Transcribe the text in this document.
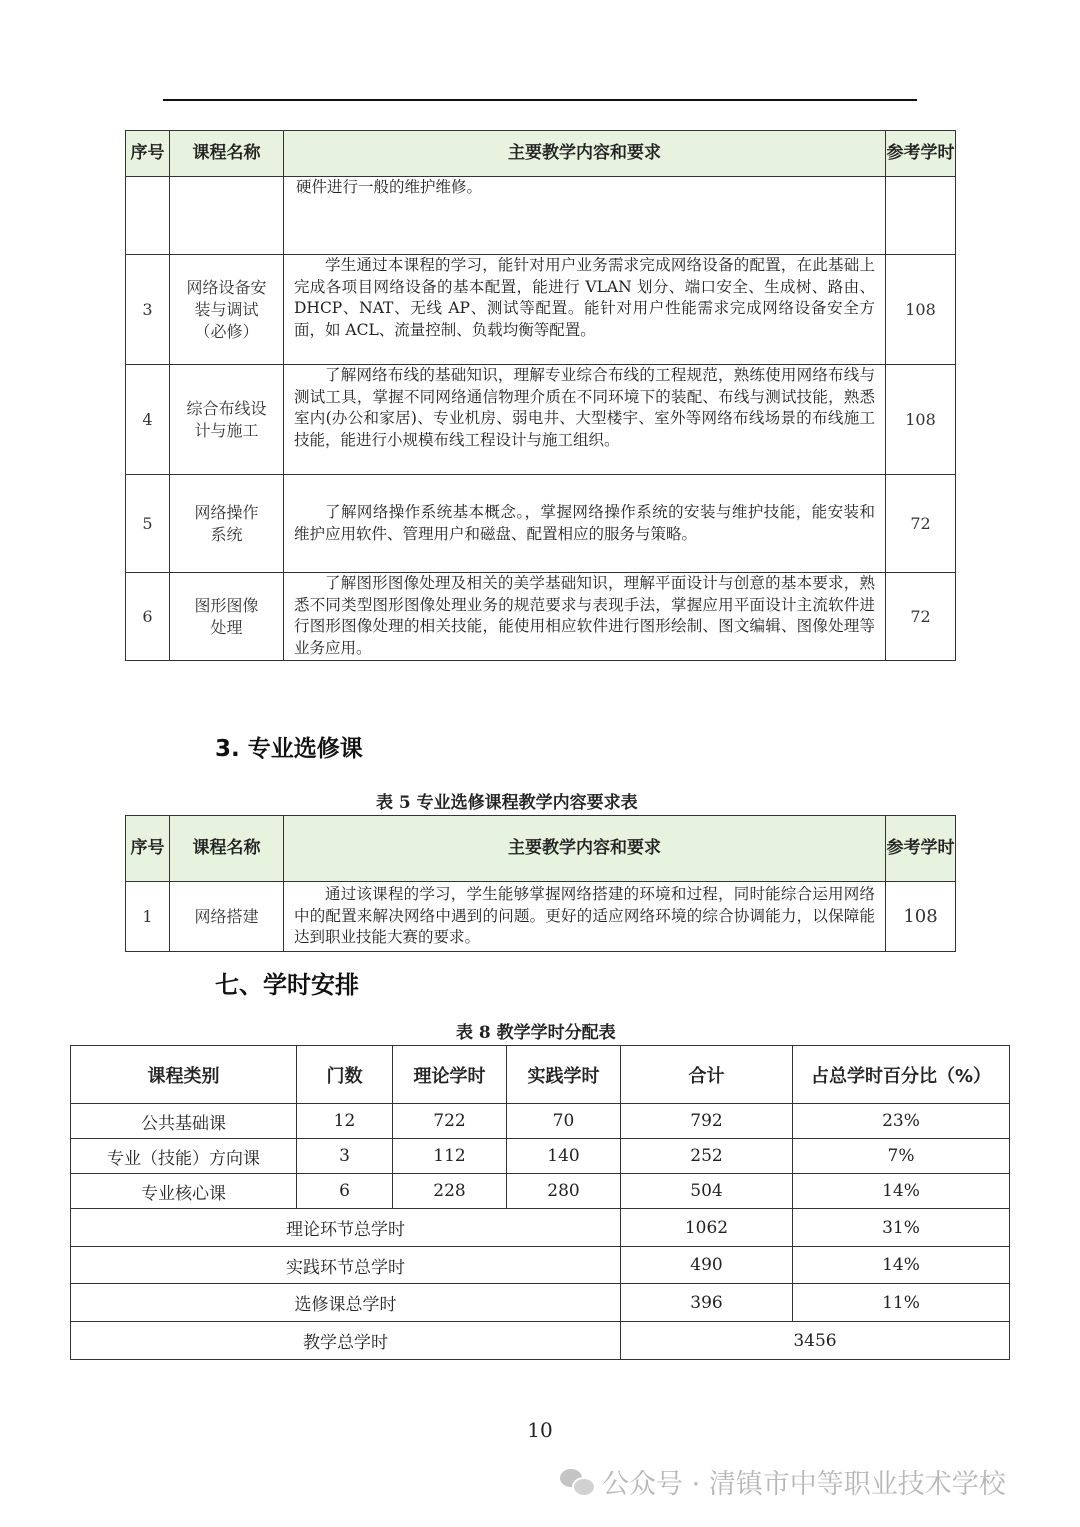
序号	课程名称	主要教学内容和要求	参考学时

		硬件进行一般的维护维修。	

3	网络设备安装与调试（必修）	学生通过本课程的学习，能针对用户业务需求完成网络设备的配置，在此基础上完成各项目网络设备的基本配置，能进行 VLAN 划分、端口安全、生成树、路由、DHCP、NAT、无线 AP、测试等配置。能针对用户性能需求完成网络设备安全方面，如 ACL、流量控制、负载均衡等配置。	108
4	综合布线设计与施工	了解网络布线的基础知识，理解专业综合布线的工程规范，熟练使用网络布线与测试工具，掌握不同网络通信物理介质在不同环境下的装配、布线与测试技能，熟悉室内(办公和家居)、专业机房、弱电井、大型楼宇、室外等网络布线场景的布线施工技能，能进行小规模布线工程设计与施工组织。	108
5	网络操作系统	了解网络操作系统基本概念。，掌握网络操作系统的安装与维护技能，能安装和维护应用软件、管理用户和磁盘、配置相应的服务与策略。	72
6	图形图像处理	了解图形图像处理及相关的美学基础知识，理解平面设计与创意的基本要求，熟悉不同类型图形图像处理业务的规范要求与表现手法，掌握应用平面设计主流软件进行图形图像处理的相关技能，能使用相应软件进行图形绘制、图文编辑、图像处理等业务应用。	72
3. 专业选修课
表 5 专业选修课程教学内容要求表
序号	课程名称	主要教学内容和要求	参考学时
1	网络搭建	通过该课程的学习，学生能够掌握网络搭建的环境和过程，同时能综合运用网络中的配置来解决网络中遇到的问题。更好的适应网络环境的综合协调能力，以保障能达到职业技能大赛的要求。	108
七、学时安排
表 8 教学学时分配表
课程类别	门数	理论学时	实践学时	合计	占总学时百分比（%）
公共基础课	12	722	70	792	23%
专业（技能）方向课	3	112	140	252	7%
专业核心课	6	228	280	504	14%
理论环节总学时				1062	31%
实践环节总学时				490	14%
选修课总学时				396	11%
教学总学时				3456	
10
公众号 · 清镇市中等职业技术学校
